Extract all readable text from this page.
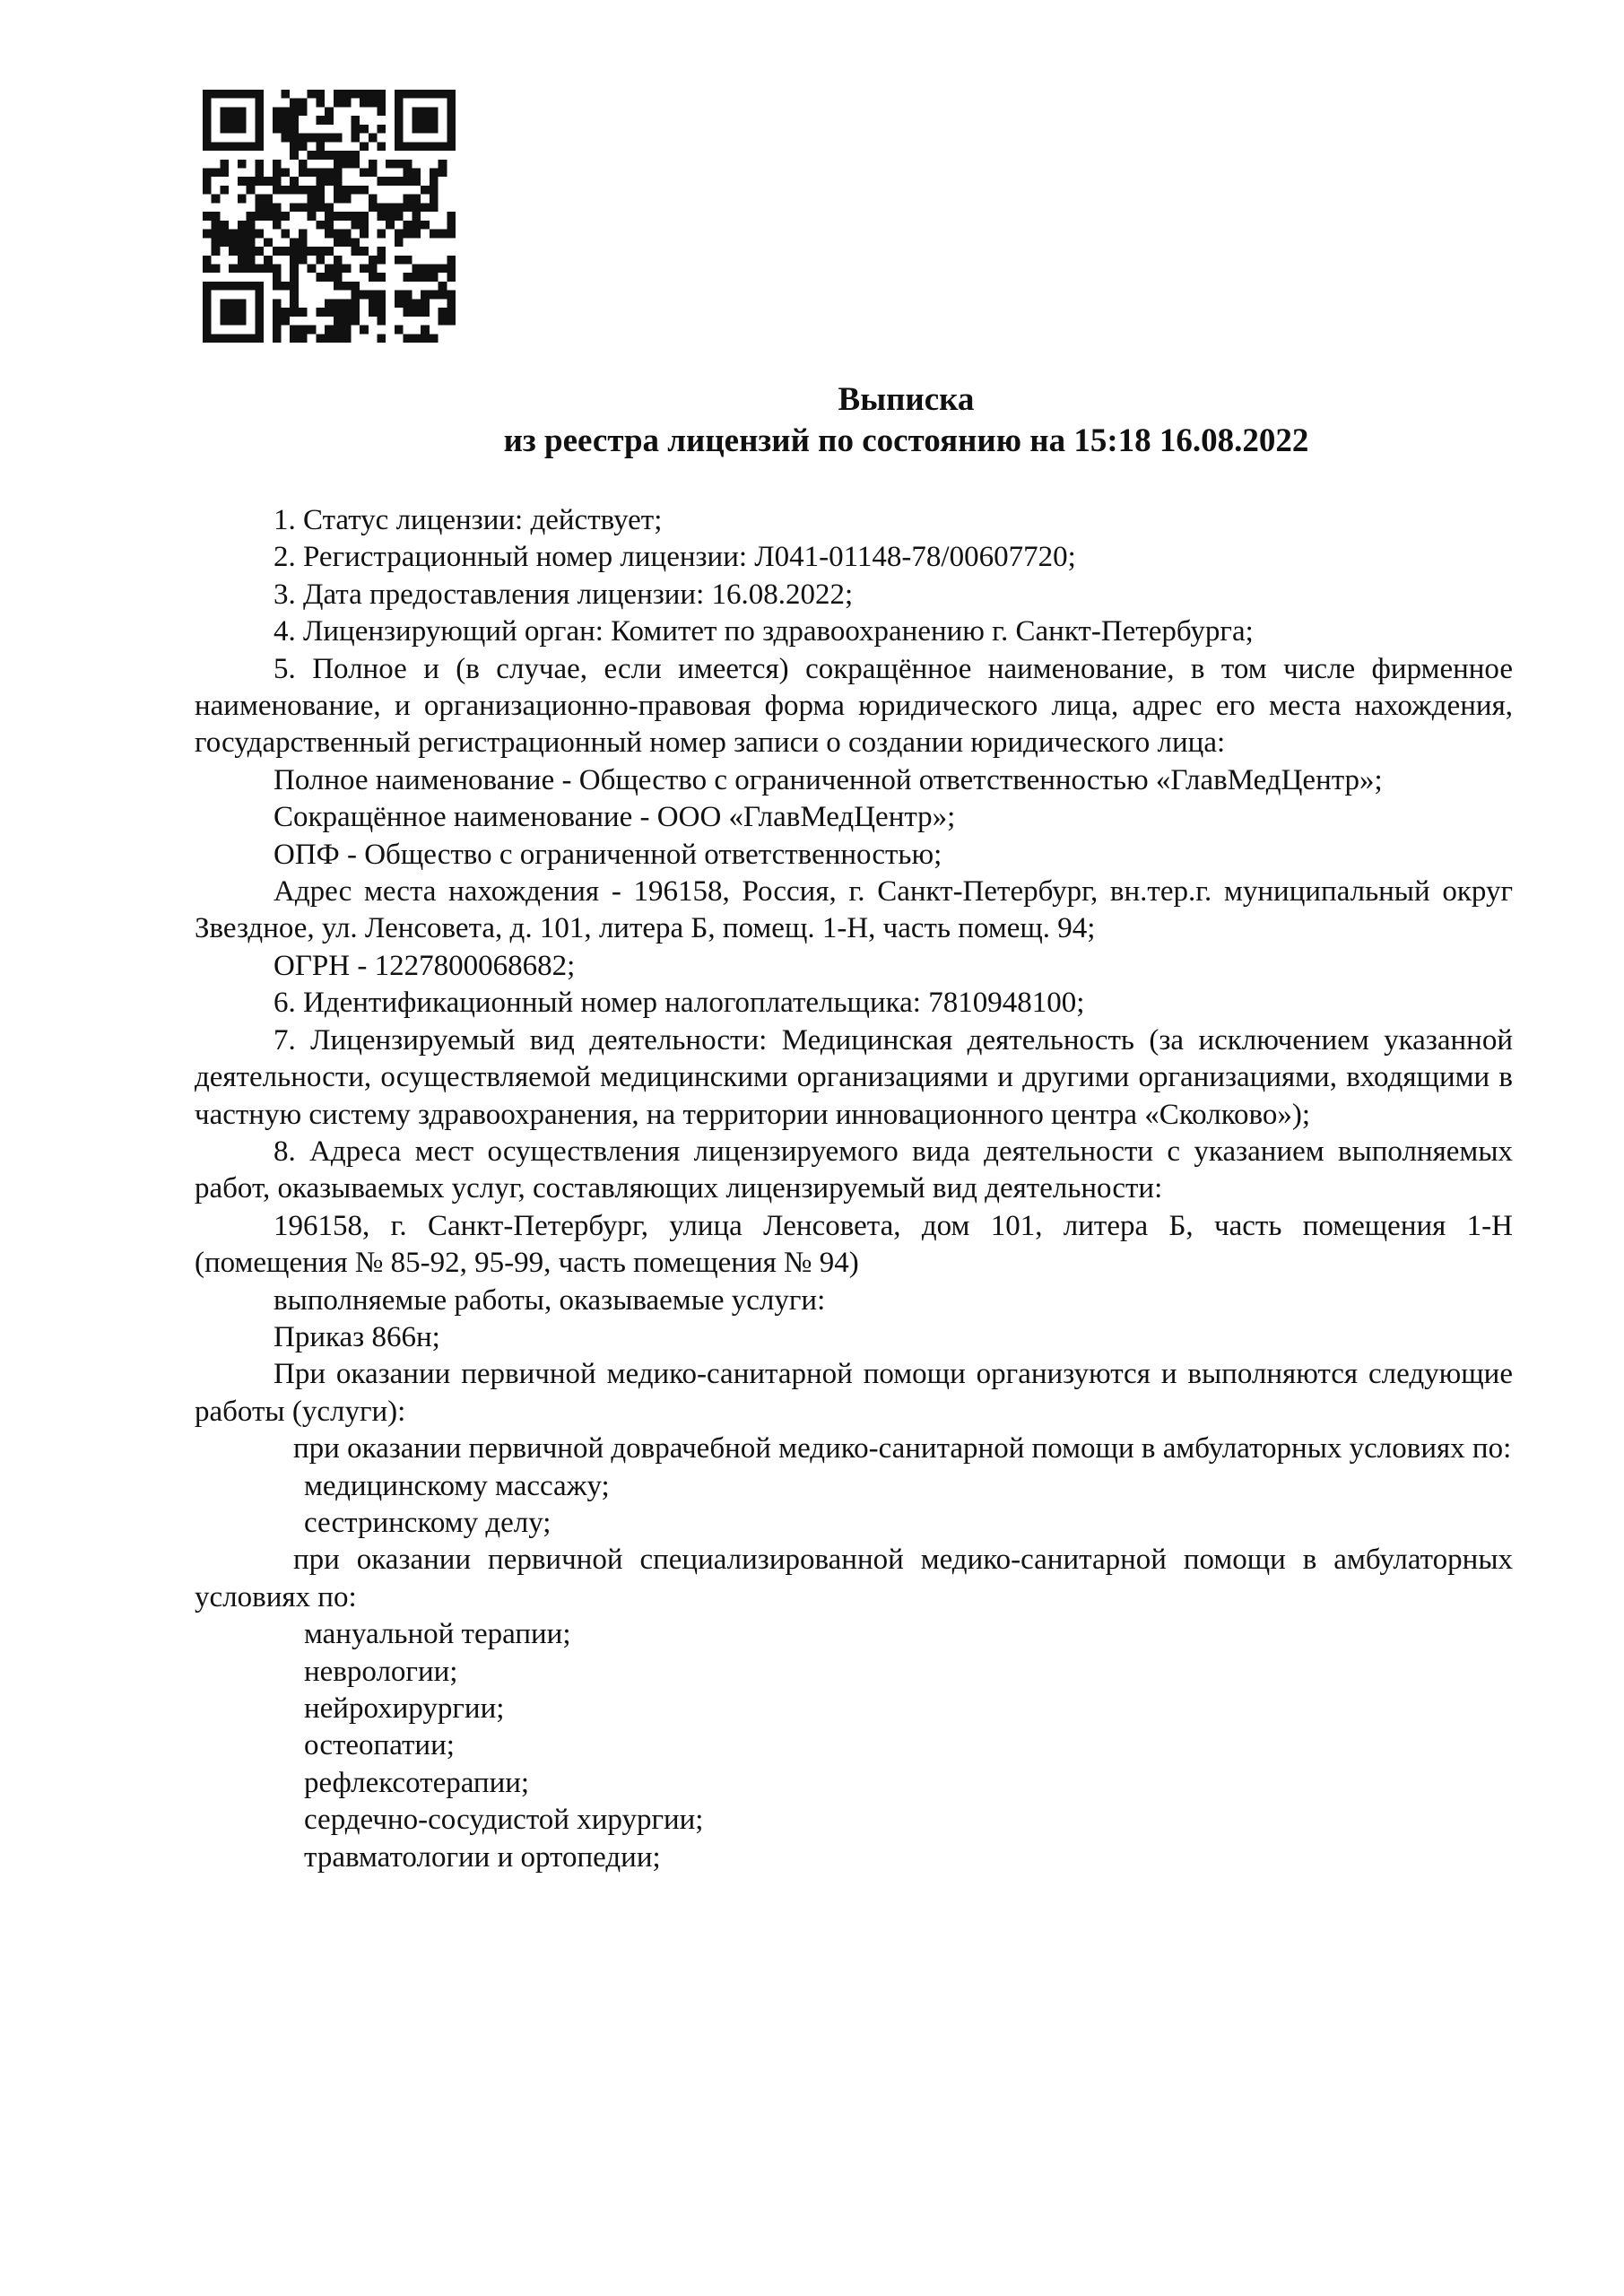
Выписка
из реестра лицензий по состоянию на 15:18 16.08.2022

1. Статус лицензии: действует;

2. Регистрационный номер лицензии: Л041-01148-78/00607720;

3. Дата предоставления лицензии: 16.08.2022;

4. Лицензирующий орган: Комитет по здравоохранению г. Санкт-Петербурга;

5. Полное и (в случае, если имеется) сокращённое наименование, в том числе фирменное наименование, и организационно-правовая форма юридического лица, адрес его места нахождения, государственный регистрационный номер записи о создании юридического лица:

Полное наименование - Общество с ограниченной ответственностью «ГлавМедЦентр»;

Сокращённое наименование - ООО «ГлавМедЦентр»;

ОПФ - Общество с ограниченной ответственностью;

Адрес места нахождения - 196158, Россия, г. Санкт-Петербург, вн.тер.г. муниципальный округ Звездное, ул. Ленсовета, д. 101, литера Б, помещ. 1-Н, часть помещ. 94;

ОГРН - 1227800068682;

6. Идентификационный номер налогоплательщика: 7810948100;

7. Лицензируемый вид деятельности: Медицинская деятельность (за исключением указанной деятельности, осуществляемой медицинскими организациями и другими организациями, входящими в частную систему здравоохранения, на территории инновационного центра «Сколково»);

8. Адреса мест осуществления лицензируемого вида деятельности с указанием выполняемых работ, оказываемых услуг, составляющих лицензируемый вид деятельности:

196158, г. Санкт-Петербург, улица Ленсовета, дом 101, литера Б, часть помещения 1-Н (помещения № 85-92, 95-99, часть помещения № 94)

выполняемые работы, оказываемые услуги:

Приказ 866н;

При оказании первичной медико-санитарной помощи организуются и выполняются следующие работы (услуги):

при оказании первичной доврачебной медико-санитарной помощи в амбулаторных условиях по:

медицинскому массажу;

сестринскому делу;

при оказании первичной специализированной медико-санитарной помощи в амбулаторных условиях по:

мануальной терапии;

неврологии;

нейрохирургии;

остеопатии;

рефлексотерапии;

сердечно-сосудистой хирургии;

травматологии и ортопедии;
